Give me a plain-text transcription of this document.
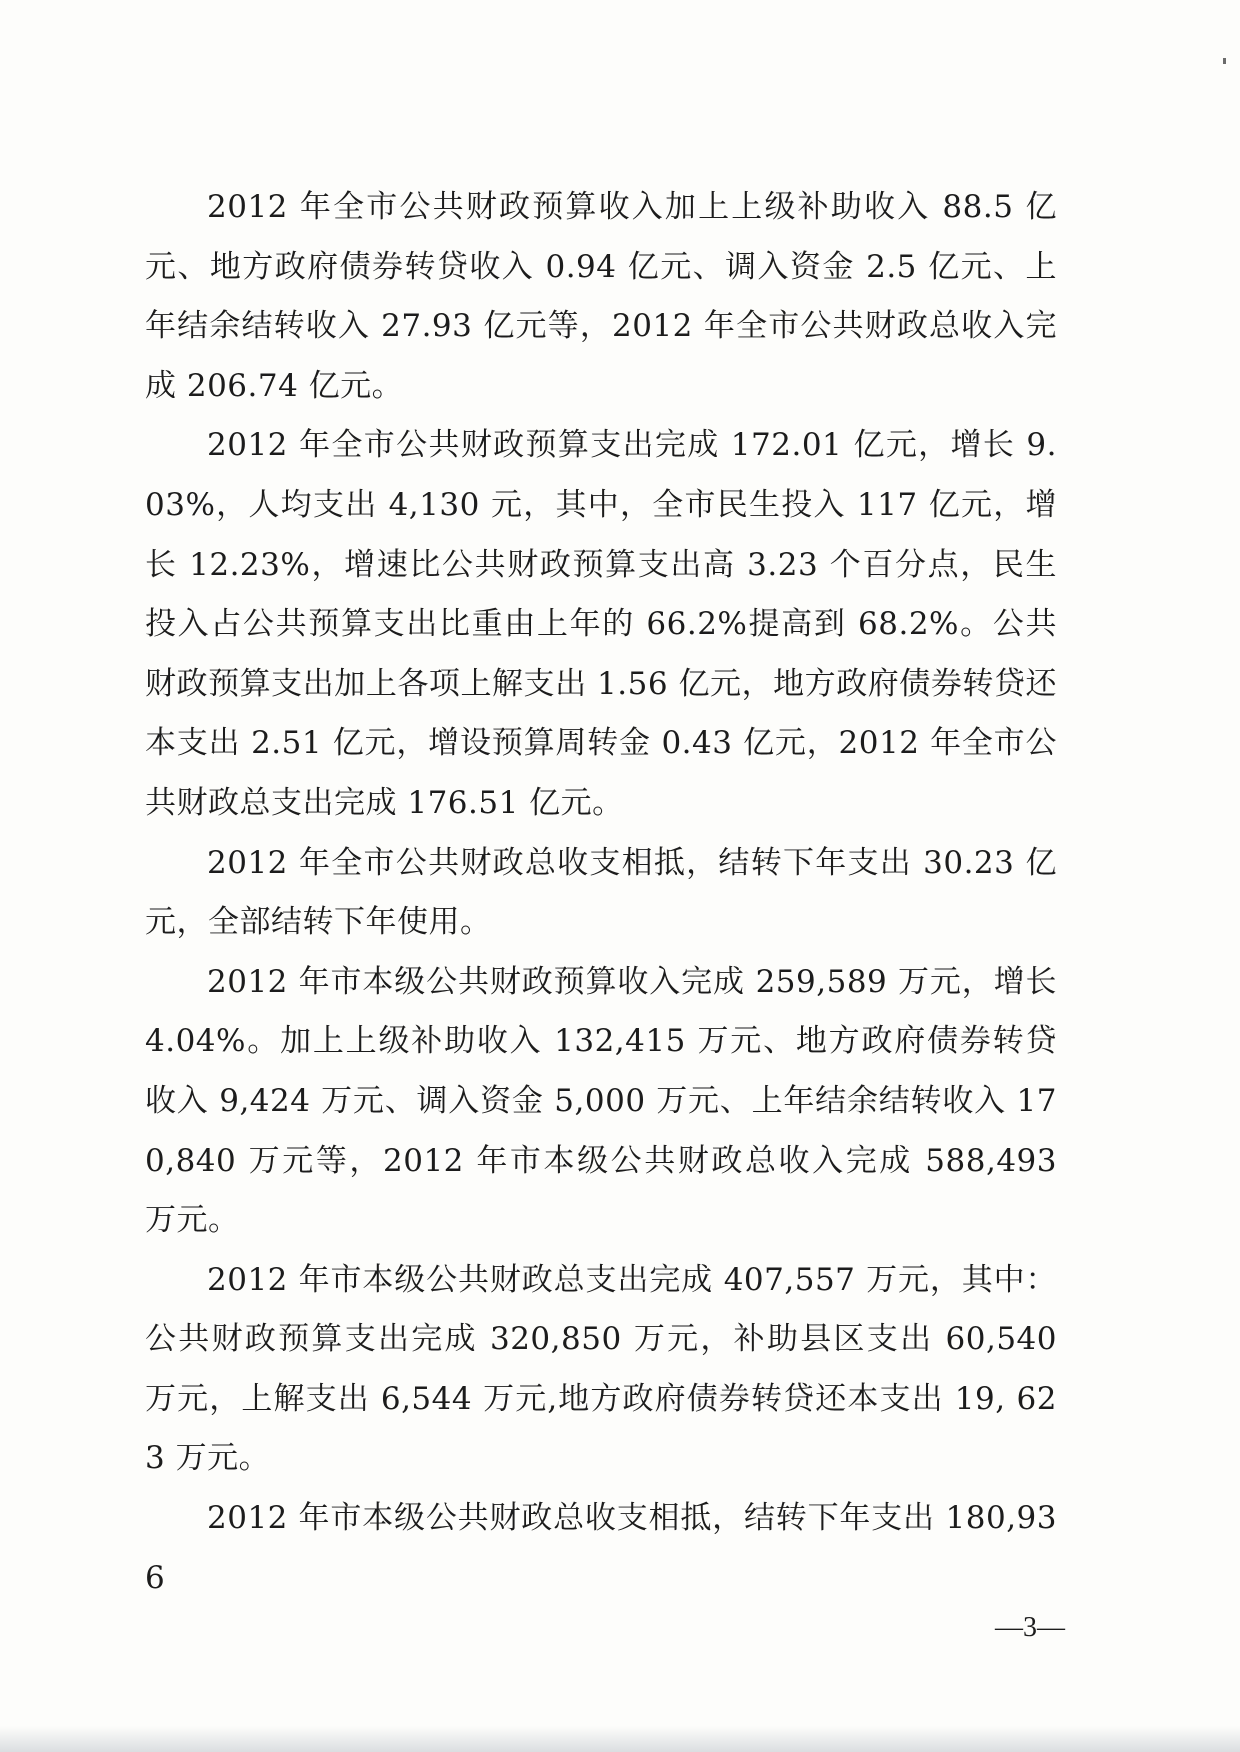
2012 年全市公共财政预算收入加上上级补助收入 88.5 亿元、地方政府债券转贷收入 0.94 亿元、调入资金 2.5 亿元、上年结余结转收入 27.93 亿元等，2012 年全市公共财政总收入完成 206.74 亿元。

2012 年全市公共财政预算支出完成 172.01 亿元，增长 9.03%，人均支出 4,130 元，其中，全市民生投入 117 亿元，增长 12.23%，增速比公共财政预算支出高 3.23 个百分点，民生投入占公共预算支出比重由上年的 66.2%提高到 68.2%。公共财政预算支出加上各项上解支出 1.56 亿元，地方政府债券转贷还本支出 2.51 亿元，增设预算周转金 0.43 亿元，2012 年全市公共财政总支出完成 176.51 亿元。

2012 年全市公共财政总收支相抵，结转下年支出 30.23 亿元，全部结转下年使用。

2012 年市本级公共财政预算收入完成 259,589 万元，增长 4.04%。加上上级补助收入 132,415 万元、地方政府债券转贷收入 9,424 万元、调入资金 5,000 万元、上年结余结转收入 170,840 万元等，2012 年市本级公共财政总收入完成 588,493 万元。

2012 年市本级公共财政总支出完成 407,557 万元，其中：公共财政预算支出完成 320,850 万元，补助县区支出 60,540 万元，上解支出 6,544 万元,地方政府债券转贷还本支出 19, 623 万元。

2012 年市本级公共财政总收支相抵，结转下年支出 180,936

—3—
